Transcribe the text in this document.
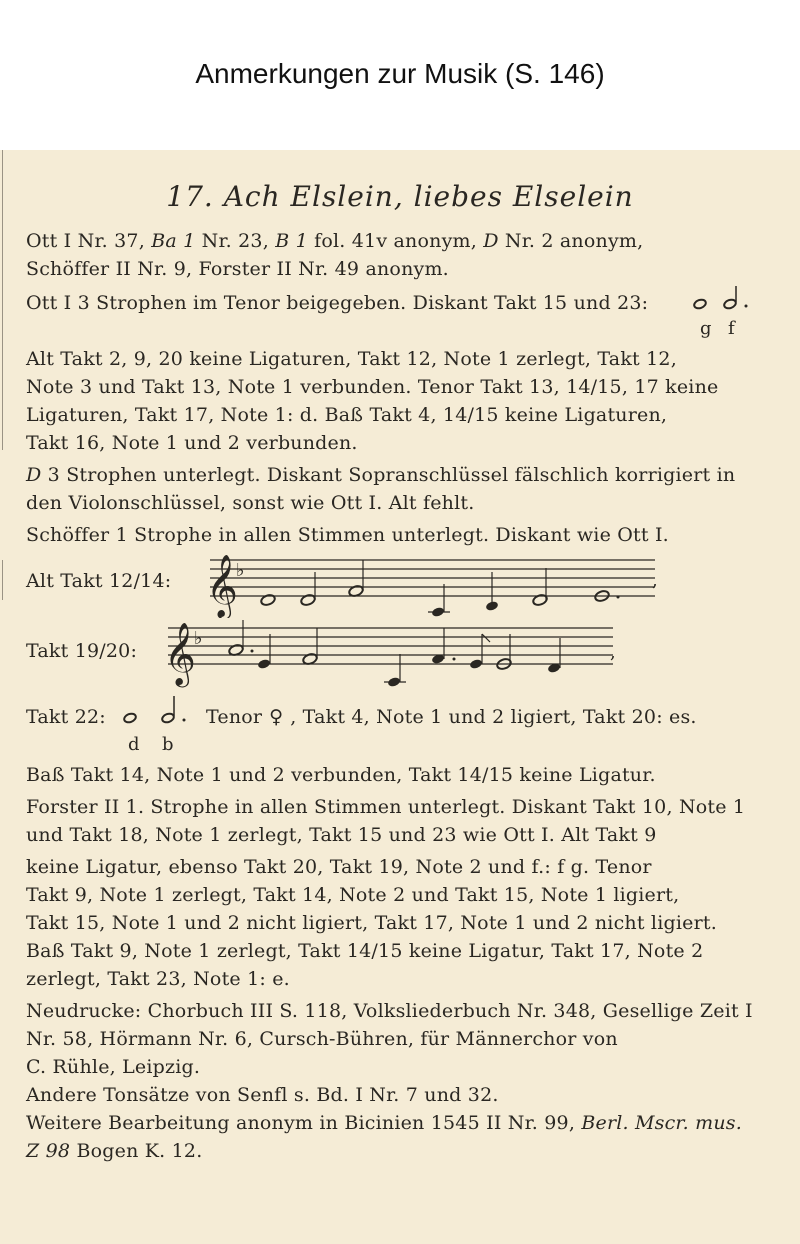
Anmerkungen zur Musik (S. 146)
17. Ach Elslein, liebes Elselein
Ott I Nr. 37, Ba 1 Nr. 23, B 1 fol. 41v anonym, D Nr. 2 anonym,
Schöffer II Nr. 9, Forster II Nr. 49 anonym.
Ott I 3 Strophen im Tenor beigegeben. Diskant Takt 15 und 23:
g f
Alt Takt 2, 9, 20 keine Ligaturen, Takt 12, Note 1 zerlegt, Takt 12,
Note 3 und Takt 13, Note 1 verbunden. Tenor Takt 13, 14/15, 17 keine
Ligaturen, Takt 17, Note 1: d. Baß Takt 4, 14/15 keine Ligaturen,
Takt 16, Note 1 und 2 verbunden.
D 3 Strophen unterlegt. Diskant Sopranschlüssel fälschlich korrigiert in
den Violonschlüssel, sonst wie Ott I. Alt fehlt.
Schöffer 1 Strophe in allen Stimmen unterlegt. Diskant wie Ott I.
Alt Takt 12/14: 𝄞
♭	,
Takt 19/20: 𝄞
♭
,
Takt 22:
d b
Tenor ♀ , Takt 4, Note 1 und 2 ligiert, Takt 20: es.
Baß Takt 14, Note 1 und 2 verbunden, Takt 14/15 keine Ligatur.
Forster II 1. Strophe in allen Stimmen unterlegt. Diskant Takt 10, Note 1
und Takt 18, Note 1 zerlegt, Takt 15 und 23 wie Ott I. Alt Takt 9
keine Ligatur, ebenso Takt 20, Takt 19, Note 2 und f.: f g. Tenor
Takt 9, Note 1 zerlegt, Takt 14, Note 2 und Takt 15, Note 1 ligiert,
Takt 15, Note 1 und 2 nicht ligiert, Takt 17, Note 1 und 2 nicht ligiert.
Baß Takt 9, Note 1 zerlegt, Takt 14/15 keine Ligatur, Takt 17, Note 2
zerlegt, Takt 23, Note 1: e.
Neudrucke: Chorbuch III S. 118, Volksliederbuch Nr. 348, Gesellige Zeit I
Nr. 58, Hörmann Nr. 6, Cursch-Bühren, für Männerchor von
C. Rühle, Leipzig.
Andere Tonsätze von Senfl s. Bd. I Nr. 7 und 32.
Weitere Bearbeitung anonym in Bicinien 1545 II Nr. 99, Berl. Mscr. mus.
Z 98 Bogen K. 12.
